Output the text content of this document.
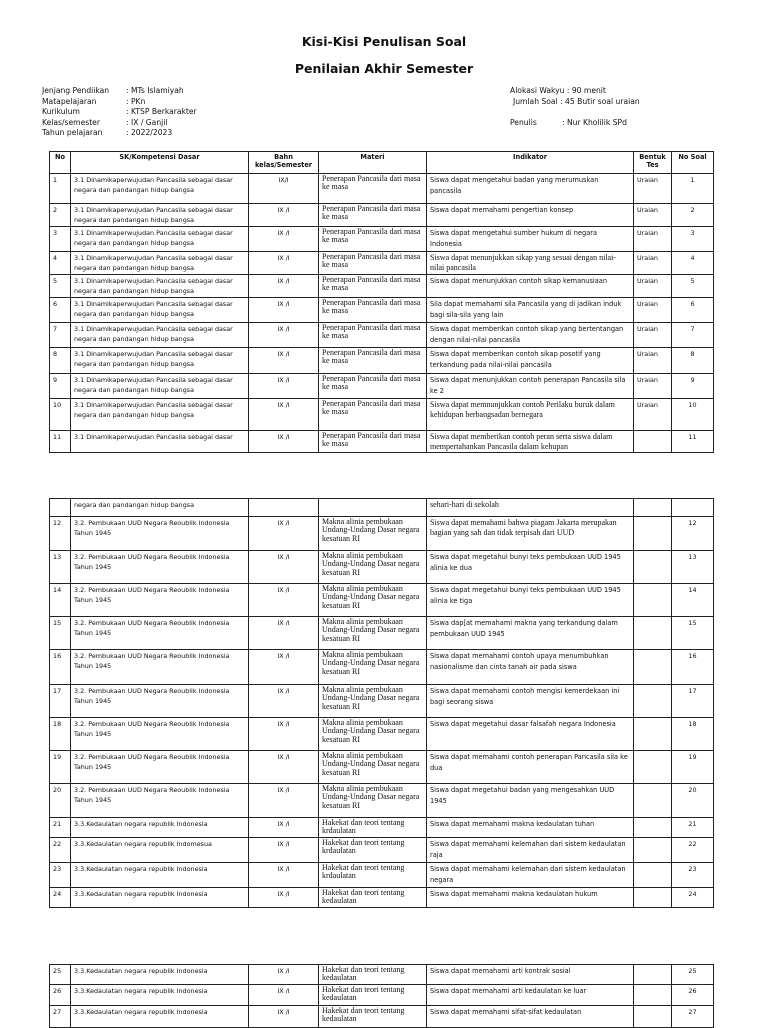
Kisi-Kisi Penulisan Soal
Penilaian Akhir Semester
Jenjang Pendiikan	: MTs Islamiyah
Matapelajaran	: PKn
Kurikulum	: KTSP Berkarakter
Kelas/semester	: IX / Ganjil
Tahun pelajaran	: 2022/2023
Alokasi Wakyu : 90 menit
Jumlah Soal : 45 Butir soal uraian

Penulis	: Nur Kholilik SPd
No	SK/Kompetensi Dasar	Bahn kelas/Semester	Materi	Indikator	Bentuk Tes	No Soal
1	3.1 Dinamikaperwujudan Pancasila sebagai dasar negara dan pandangan hidup bangsa	IX/I	Penerapan Pancasila dari masa ke masa	Siswa dapat mengetahui badan yang merumuskan pancasila	Uraian	1
2	3.1 Dinamikaperwujudan Pancasila sebagai dasar negara dan pandangan hidup bangsa	IX /I	Penerapan Pancasila dari masa ke masa	Siswa dapat memahami pengertian konsep	Uraian	2
3	3.1 Dinamikaperwujudan Pancasila sebagai dasar negara dan pandangan hidup bangsa	IX /I	Penerapan Pancasila dari masa ke masa	Siswa dapat mengetahui sumber hukum di negara Indonesia	Uraian	3
4	3.1 Dinamikaperwujudan Pancasila sebagai dasar negara dan pandangan hidup bangsa	IX /I	Penerapan Pancasila dari masa ke masa	Siswa dapat menunjukkan sikap yang sesuai dengan nilai-nilai pancasila	Uraian	4
5	3.1 Dinamikaperwujudan Pancasila sebagai dasar negara dan pandangan hidup bangsa	IX /I	Penerapan Pancasila dari masa ke masa	Siswa dapat menunjukkan contoh sikap kemanusiaan	Uraian	5
6	3.1 Dinamikaperwujudan Pancasila sebagai dasar negara dan pandangan hidup bangsa	IX /I	Penerapan Pancasila dari masa ke masa	Sila dapat memahami sila Pancasila yang di jadikan induk bagi sila-sila yang lain	Uraian	6
7	3.1 Dinamikaperwujudan Pancasila sebagai dasar negara dan pandangan hidup bangsa	IX /I	Penerapan Pancasila dari masa ke masa	Siswa dapat memberikan contoh sikap yang bertentangan dengan nilai-nilai pancasila	Uraian	7
8	3.1 Dinamikaperwujudan Pancasila sebagai dasar negara dan pandangan hidup bangsa	IX /I	Penerapan Pancasila dari masa ke masa	Siswa dapat memberikan contoh sikap posotif yang terkandung pada nilai-nilai pancasila	Uraian	8
9	3.1 Dinamikaperwujudan Pancasila sebagai dasar negara dan pandangan hidup bangsa	IX /I	Penerapan Pancasila dari masa ke masa	Siswa dapat menunjukkan contoh penerapan Pancasila sila ke 2	Uraian	9
10	3.1 Dinamikaperwujudan Pancasila sebagai dasar negara dan pandangan hidup bangsa	IX /I	Penerapan Pancasila dari masa ke masa	Siswa dapat memnunjukkan contoh Perilaku buruk dalam kehidupan berbangsadan bernegara	Uraian	10
11	3.1 Dinamikaperwujudan Pancasila sebagai dasar	IX /I	Penerapan Pancasila dari masa ke masa	Siswa dapat memberikan contoh peran serta siswa dalam mempertahankan Pancasila dalam kehupan		11
	negara dan pandangan hidup bangsa			sehari-hari di sekolah		
12	3.2. Pembukaan UUD Negara Reoublik Indonesia Tahun 1945	IX /I	Makna alinia pembukaan Undang-Undang Dasar negara kesatuan RI	Siswa dapat memahami bahwa piagam Jakarta merupakan bagian yang sah dan tidak terpisah dari UUD		12
13	3.2. Pembukaan UUD Negara Reoublik Indonesia Tahun 1945	IX /I	Makna alinia pembukaan Undang-Undang Dasar negara kesatuan RI	Siswa dapat megetahui bunyi teks pembukaan UUD 1945 alinia ke dua		13
14	3.2. Pembukaan UUD Negara Reoublik Indonesia Tahun 1945	IX /I	Makna alinia pembukaan Undang-Undang Dasar negara kesatuan RI	Siswa dapat megetahui bunyi teks pembukaan UUD 1945 alinia ke tiga		14
15	3.2. Pembukaan UUD Negara Reoublik Indonesia Tahun 1945	IX /I	Makna alinia pembukaan Undang-Undang Dasar negara kesatuan RI	Siswa dap[at memahami makna yang terkandung dalam pembukaan UUD 1945		15
16	3.2. Pembukaan UUD Negara Reoublik Indonesia Tahun 1945	IX /I	Makna alinia pembukaan Undang-Undang Dasar negara kesatuan RI	Siswa dapat memahami contoh upaya menumbuhkan nasionalisme dan cinta tanah air pada siswa		16
17	3.2. Pembukaan UUD Negara Reoublik Indonesia Tahun 1945	IX /I	Makna alinia pembukaan Undang-Undang Dasar negara kesatuan RI	Siswa dapat memahami contoh mengisi kemerdekaan ini bagi seorang siswa		17
18	3.2. Pembukaan UUD Negara Reoublik Indonesia Tahun 1945	IX /I	Makna alinia pembukaan Undang-Undang Dasar negara kesatuan RI	Siswa dapat megetahui dasar falsafah negara Indonesia		18
19	3.2. Pembukaan UUD Negara Reoublik Indonesia Tahun 1945	IX /I	Makna alinia pembukaan Undang-Undang Dasar negara kesatuan RI	Siswa dapat memahami contoh penerapan Pancasila sila ke dua		19
20	3.2. Pembukaan UUD Negara Reoublik Indonesia Tahun 1945	IX /I	Makna alinia pembukaan Undang-Undang Dasar negara kesatuan RI	Siswa dapat megetahui badan yang mengesahkan UUD 1945		20
21	3.3.Kedaulatan negara republik Indonesia	IX /I	Hakekat dan teori tentang krdaulatan	Siswa dapat memahami makna kedaulatan tuhan		21
22	3.3.Kedaulatan negara republik Indomesua	IX /I	Hakekat dan teori tentang krdaulatan	Siswa dapat memahami kelemahan dari sistem kedaulatan raja		22
23	3.3.Kedaulatan negara republik Indonesia	IX /I	Hakekat dan teori tentang krdaulatan	Siswa dapat memahami kelemahan dari sistem kedaulatan negara		23
24	3.3.Kedaulatan negara republik Indonesia	IX /I	Hakekat dan teori tentang kedaulatan	Siswa dapat memahami makna kedaulatan hukum		24
25	3.3.Kedaulatan negara republik Indonesia	IX /I	Hakekat dan teori tentang kedaulatan	Siswa dapat memahami arti kontrak sosial		25
26	3.3.Kedaulatan negara republik Indonesia	IX /I	Hakekat dan teori tentang kedaulatan	Siswa dapat memahami arti kedaulatan ke luar		26
27	3.3.Kedaulatan negara republik Indonesia	IX /I	Hakekat dan teori tentang kedaulatan	Siswa dapat memahami sifat-sifat kedaulatan		27
